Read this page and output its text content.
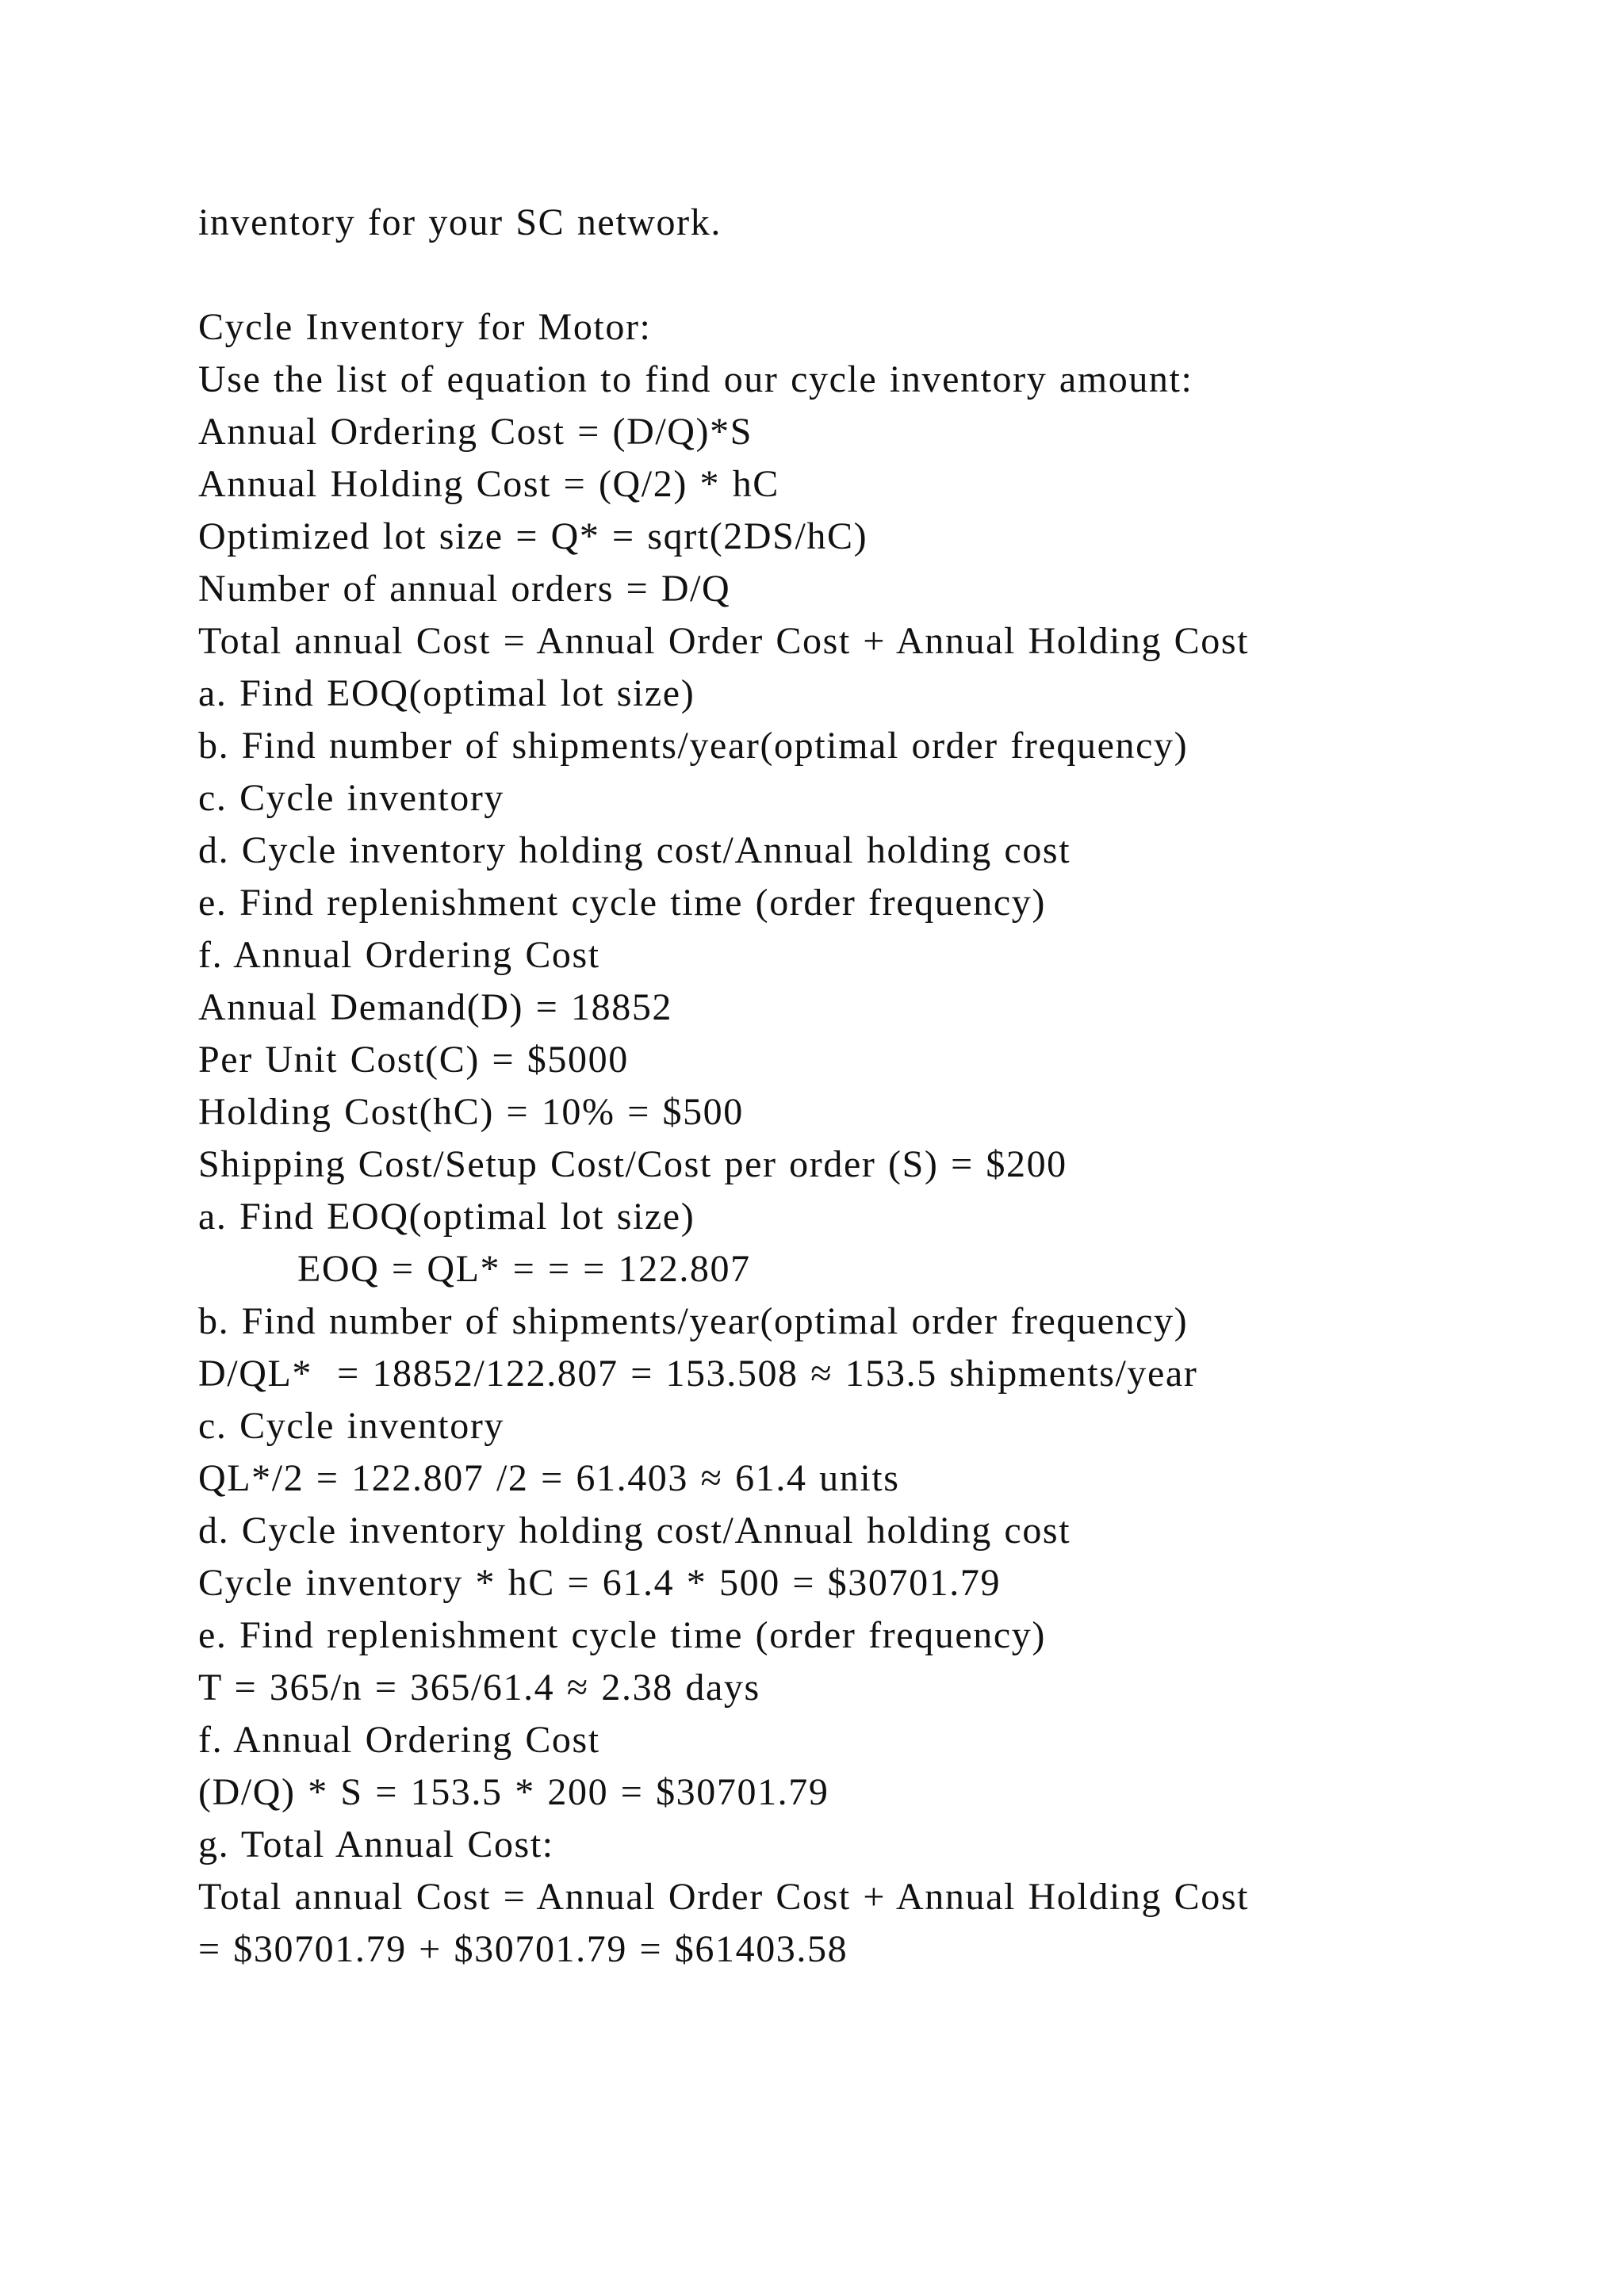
inventory for your SC network.
Cycle Inventory for Motor:
Use the list of equation to find our cycle inventory amount:
Annual Ordering Cost = (D/Q)*S
Annual Holding Cost = (Q/2) * hC
Optimized lot size = Q* = sqrt(2DS/hC)
Number of annual orders = D/Q
Total annual Cost = Annual Order Cost + Annual Holding Cost
a. Find EOQ(optimal lot size)
b. Find number of shipments/year(optimal order frequency)
c. Cycle inventory
d. Cycle inventory holding cost/Annual holding cost
e. Find replenishment cycle time (order frequency)
f. Annual Ordering Cost
Annual Demand(D) = 18852
Per Unit Cost(C) = $5000
Holding Cost(hC) = 10% = $500
Shipping Cost/Setup Cost/Cost per order (S) = $200
a. Find EOQ(optimal lot size)
EOQ = QL* = = = 122.807
b. Find number of shipments/year(optimal order frequency)
D/QL*  = 18852/122.807 = 153.508 ≈ 153.5 shipments/year
c. Cycle inventory
QL*/2 = 122.807 /2 = 61.403 ≈ 61.4 units
d. Cycle inventory holding cost/Annual holding cost
Cycle inventory * hC = 61.4 * 500 = $30701.79
e. Find replenishment cycle time (order frequency)
T = 365/n = 365/61.4 ≈ 2.38 days
f. Annual Ordering Cost
(D/Q) * S = 153.5 * 200 = $30701.79
g. Total Annual Cost:
Total annual Cost = Annual Order Cost + Annual Holding Cost
= $30701.79 + $30701.79 = $61403.58
